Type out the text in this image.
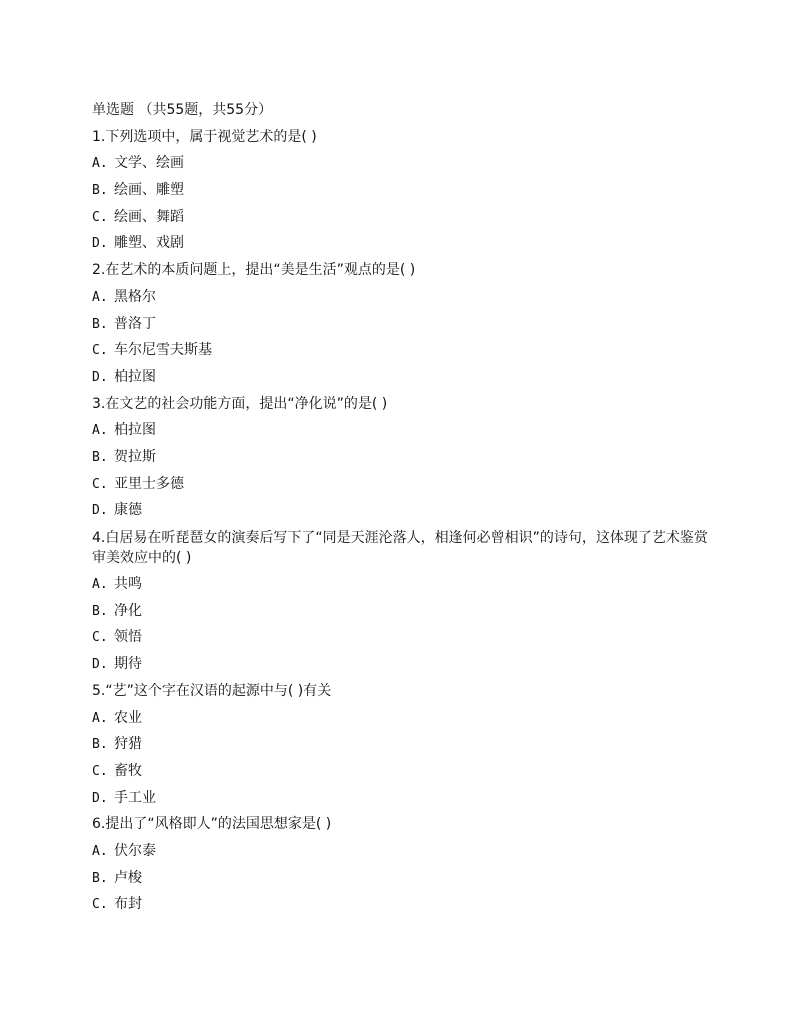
单选题 （共55题，共55分）
1.下列选项中，属于视觉艺术的是( )
A. 文学、绘画
B. 绘画、雕塑
C. 绘画、舞蹈
D. 雕塑、戏剧
2.在艺术的本质问题上，提出“美是生活”观点的是( )
A. 黑格尔
B. 普洛丁
C. 车尔尼雪夫斯基
D. 柏拉图
3.在文艺的社会功能方面，提出“净化说”的是( )
A. 柏拉图
B. 贺拉斯
C. 亚里士多德
D. 康德
4.白居易在听琵琶女的演奏后写下了“同是天涯沦落人，相逢何必曾相识”的诗句，这体现了艺术鉴赏审美效应中的( )
A. 共鸣
B. 净化
C. 领悟
D. 期待
5.“艺”这个字在汉语的起源中与( )有关
A. 农业
B. 狩猎
C. 畜牧
D. 手工业
6.提出了“风格即人”的法国思想家是( )
A. 伏尔泰
B. 卢梭
C. 布封
